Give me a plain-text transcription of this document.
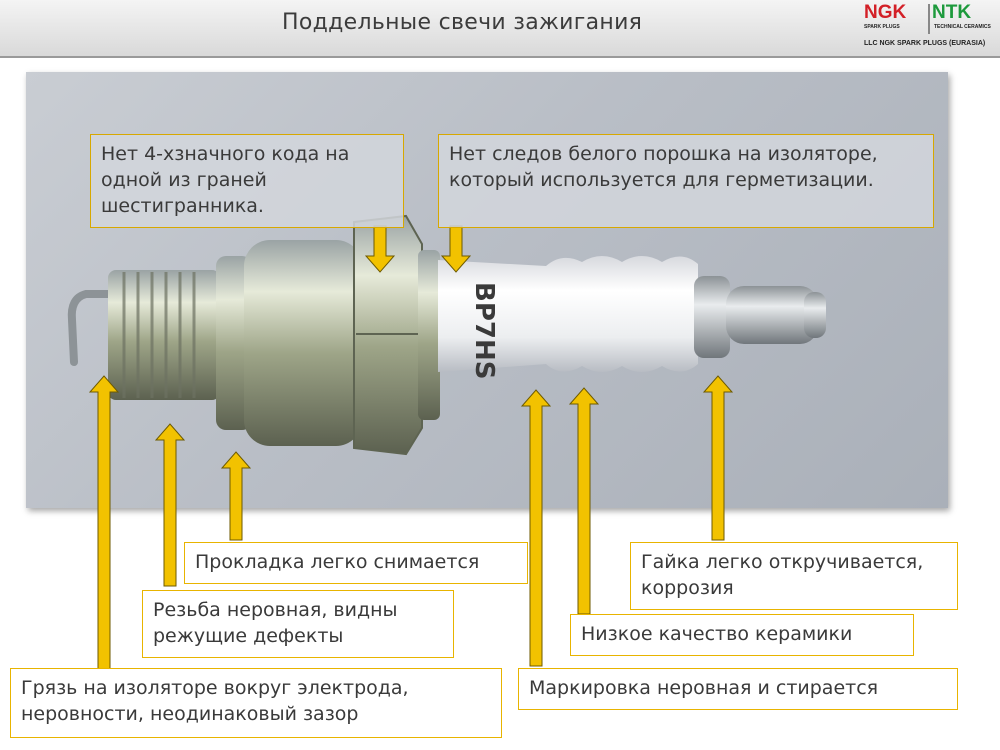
Поддельные свечи зажигания	NGK NTK
SPARK PLUGS	TECHNICAL CERAMICS
LLC NGK SPARK PLUGS (EURASIA)
BP7HS
Нет 4-хзначного кода на одной из граней шестигранника.
Нет следов белого порошка на изоляторе, который используется для герметизации.
Прокладка легко снимается	Гайка легко откручивается, коррозия
Резьба неровная, видны режущие дефекты	Низкое качество керамики
Грязь на изоляторе вокруг электрода, неровности, неодинаковый зазор
Маркировка неровная и стирается
